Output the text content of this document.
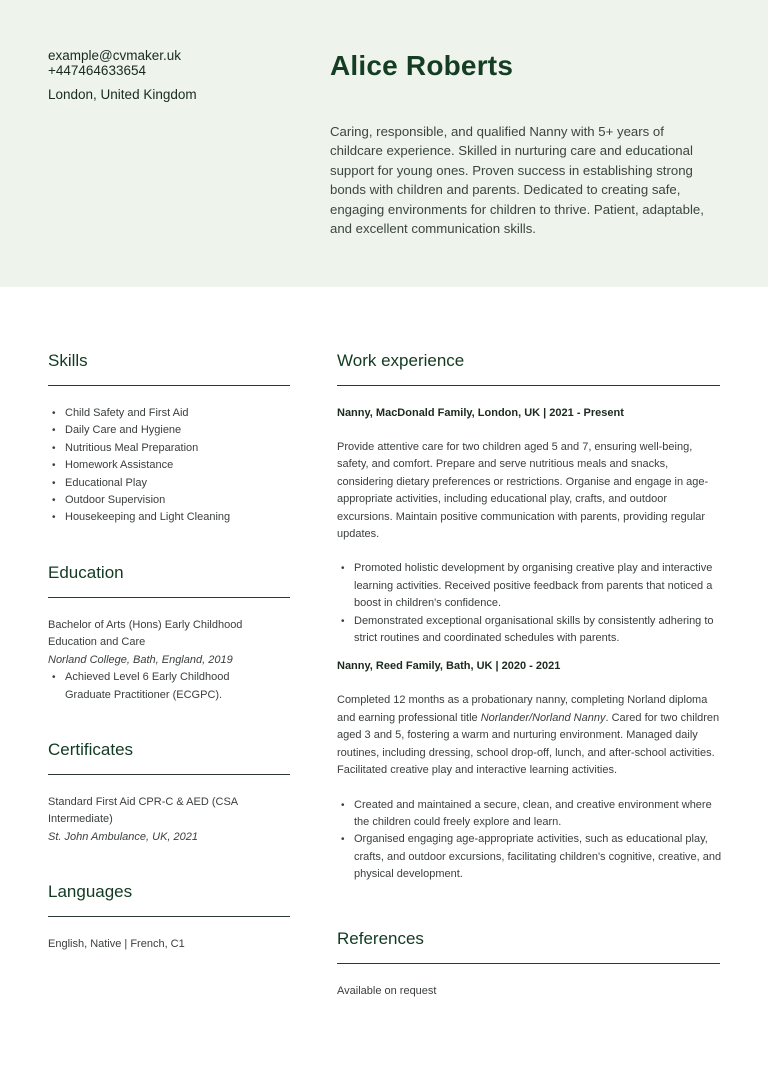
example@cvmaker.uk
+447464633654
London, United Kingdom
Alice Roberts
Caring, responsible, and qualified Nanny with 5+ years of childcare experience. Skilled in nurturing care and educational support for young ones. Proven success in establishing strong bonds with children and parents. Dedicated to creating safe, engaging environments for children to thrive. Patient, adaptable, and excellent communication skills.
Skills
• Child Safety and First Aid
• Daily Care and Hygiene
• Nutritious Meal Preparation
• Homework Assistance
• Educational Play
• Outdoor Supervision
• Housekeeping and Light Cleaning
Education
Bachelor of Arts (Hons) Early Childhood Education and Care
Norland College, Bath, England, 2019
• Achieved Level 6 Early Childhood Graduate Practitioner (ECGPC).
Certificates
Standard First Aid CPR-C & AED (CSA Intermediate)
St. John Ambulance, UK, 2021
Languages
English, Native | French, C1
Work experience
Nanny, MacDonald Family, London, UK | 2021 - Present
Provide attentive care for two children aged 5 and 7, ensuring well-being, safety, and comfort. Prepare and serve nutritious meals and snacks, considering dietary preferences or restrictions. Organise and engage in age-appropriate activities, including educational play, crafts, and outdoor excursions. Maintain positive communication with parents, providing regular updates.
• Promoted holistic development by organising creative play and interactive learning activities. Received positive feedback from parents that noticed a boost in children's confidence.
• Demonstrated exceptional organisational skills by consistently adhering to strict routines and coordinated schedules with parents.
Nanny, Reed Family, Bath, UK | 2020 - 2021
Completed 12 months as a probationary nanny, completing Norland diploma and earning professional title Norlander/Norland Nanny. Cared for two children aged 3 and 5, fostering a warm and nurturing environment. Managed daily routines, including dressing, school drop-off, lunch, and after-school activities. Facilitated creative play and interactive learning activities.
• Created and maintained a secure, clean, and creative environment where the children could freely explore and learn.
• Organised engaging age-appropriate activities, such as educational play, crafts, and outdoor excursions, facilitating children's cognitive, creative, and physical development.
References
Available on request
